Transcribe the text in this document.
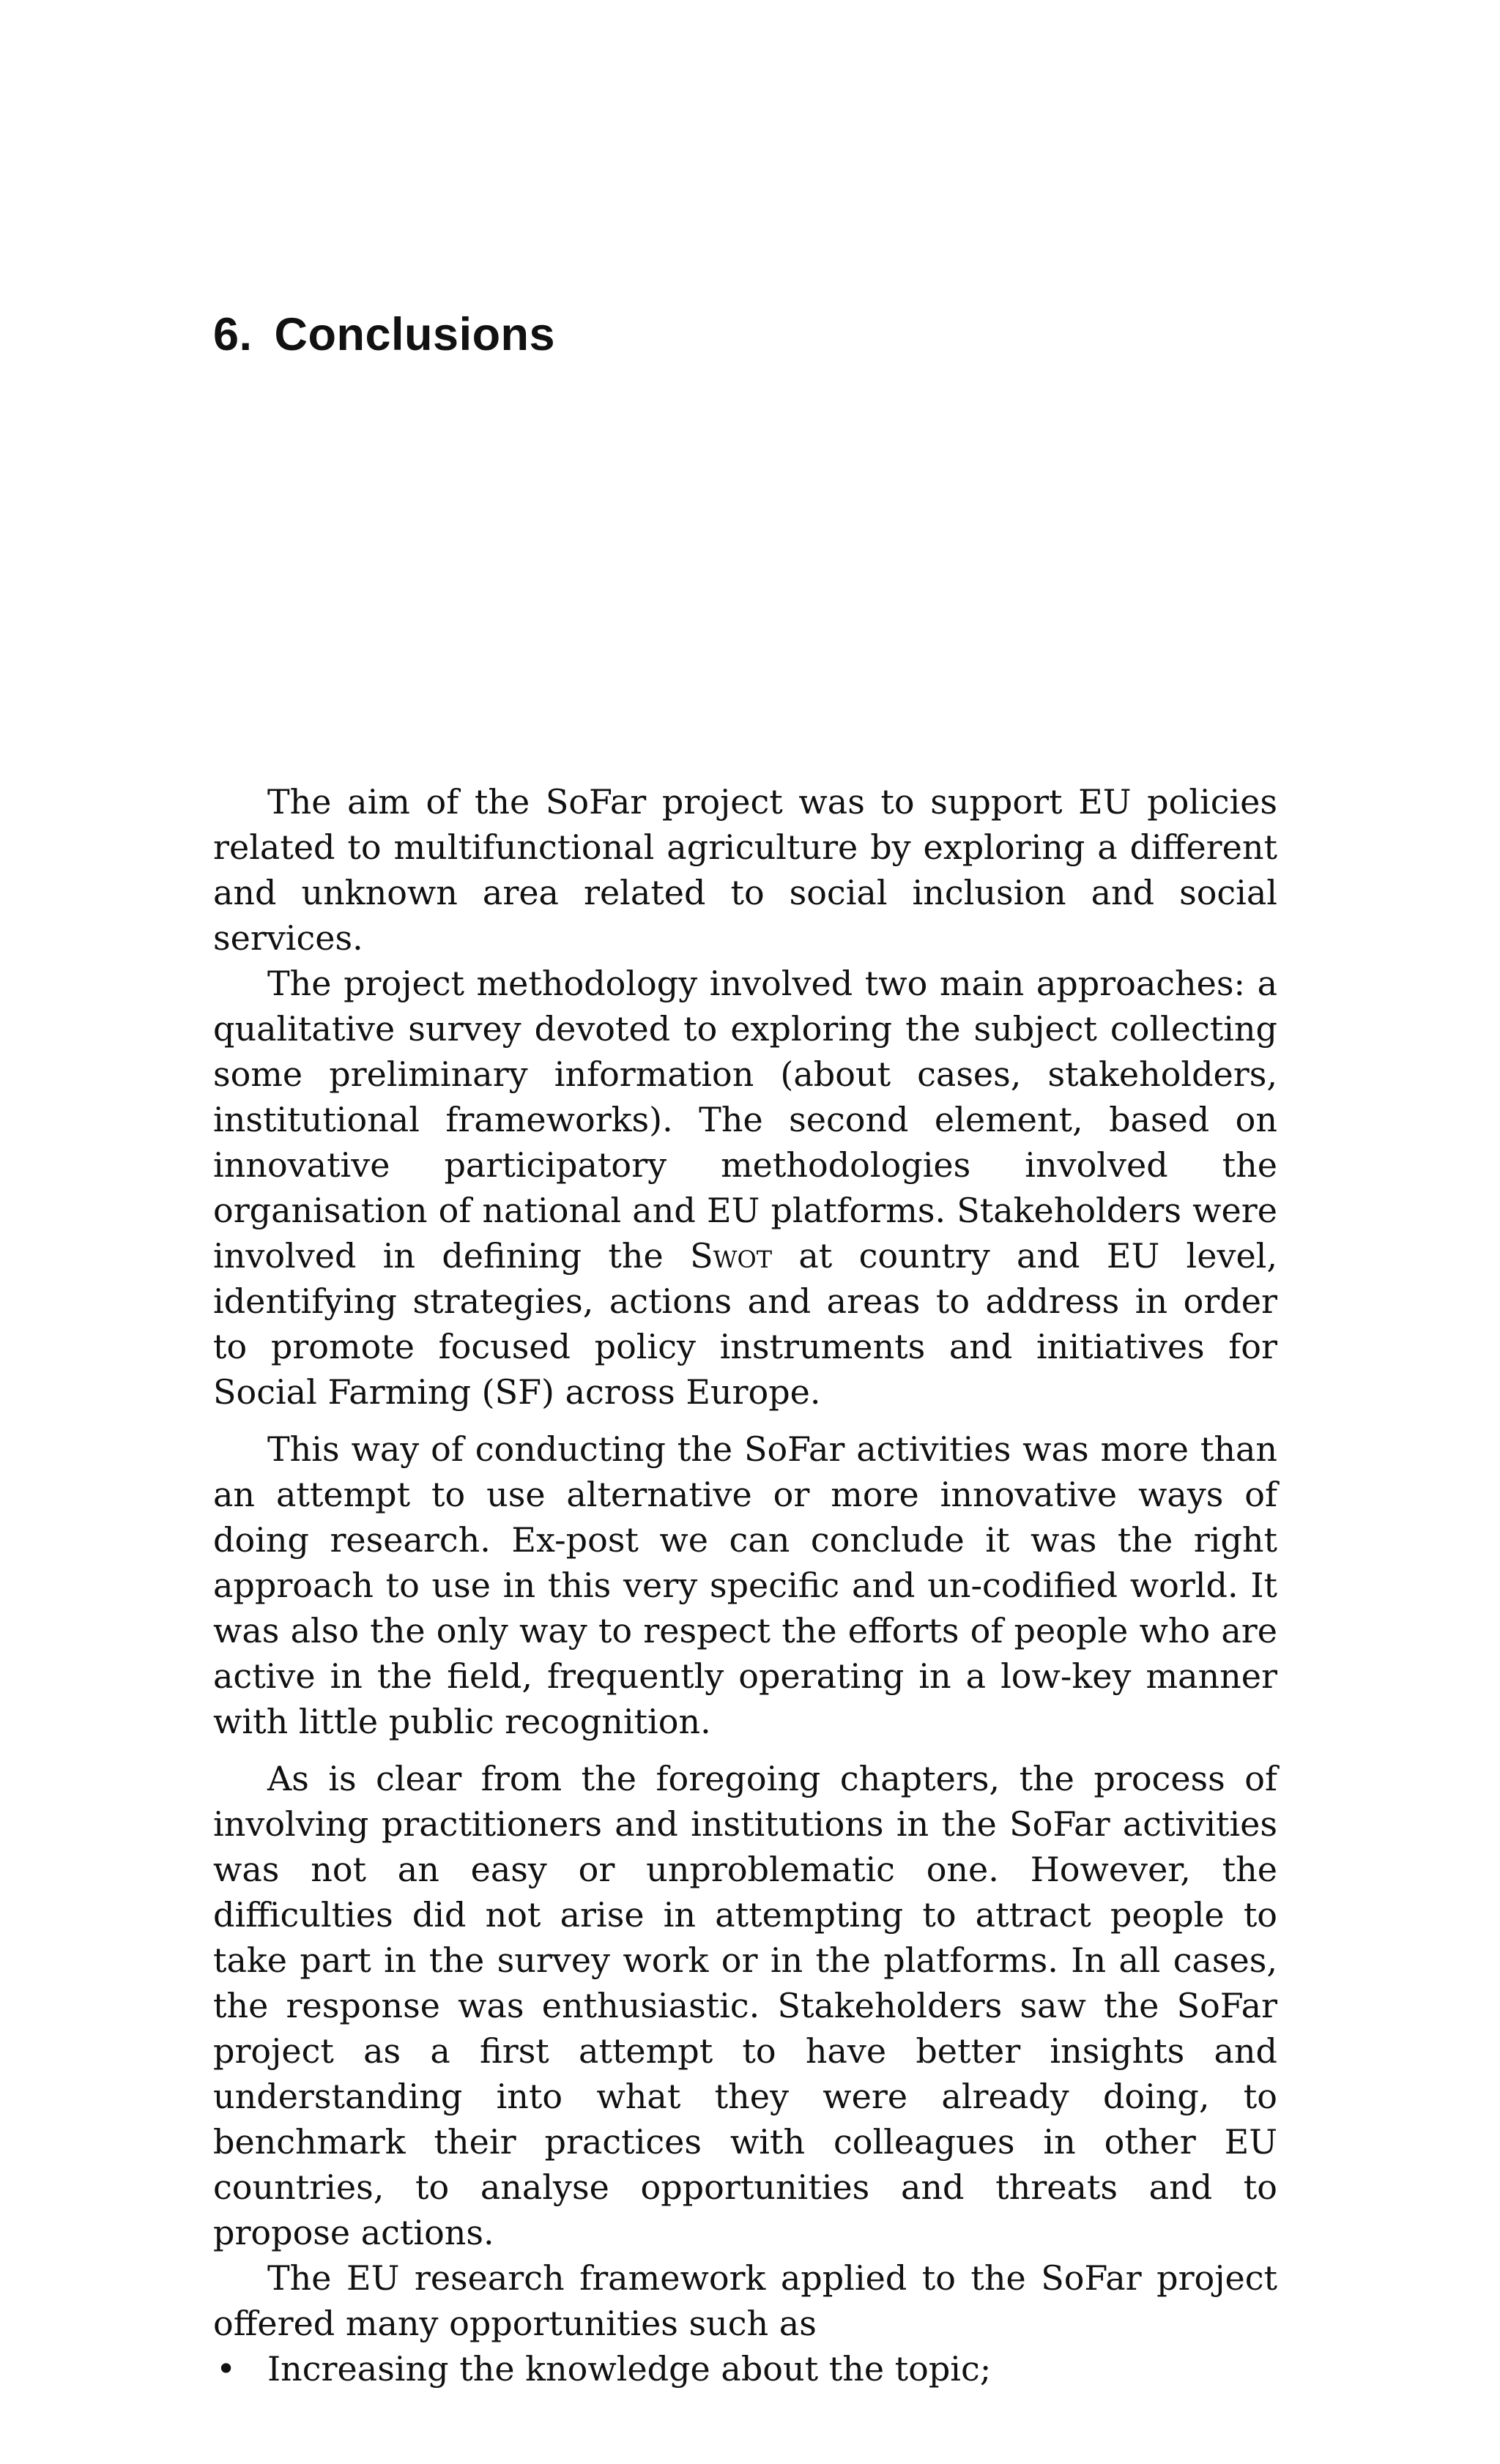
6. Conclusions

The aim of the SoFar project was to support EU policies related to multifunctional agriculture by exploring a different and unknown area related to social inclusion and social services.

The project methodology involved two main approaches: a qualitative survey devoted to exploring the subject collecting some preliminary information (about cases, stakeholders, institutional frameworks). The second element, based on innovative participatory methodologies involved the organisation of national and EU platforms. Stakeholders were involved in defining the Swot at country and EU level, identifying strategies, actions and areas to address in order to promote focused policy instruments and initiatives for Social Farming (SF) across Europe.

This way of conducting the SoFar activities was more than an attempt to use alternative or more innovative ways of doing research. Ex-post we can conclude it was the right approach to use in this very specific and un-codified world. It was also the only way to respect the efforts of people who are active in the field, frequently operating in a low-key manner with little public recognition.

As is clear from the foregoing chapters, the process of involving practitioners and institutions in the SoFar activities was not an easy or unproblematic one. However, the difficulties did not arise in attempting to attract people to take part in the survey work or in the platforms. In all cases, the response was enthusiastic. Stakeholders saw the SoFar project as a first attempt to have better insights and understanding into what they were already doing, to benchmark their practices with colleagues in other EU countries, to analyse opportunities and threats and to propose actions.

The EU research framework applied to the SoFar project offered many opportunities such as

• Increasing the knowledge about the topic;
